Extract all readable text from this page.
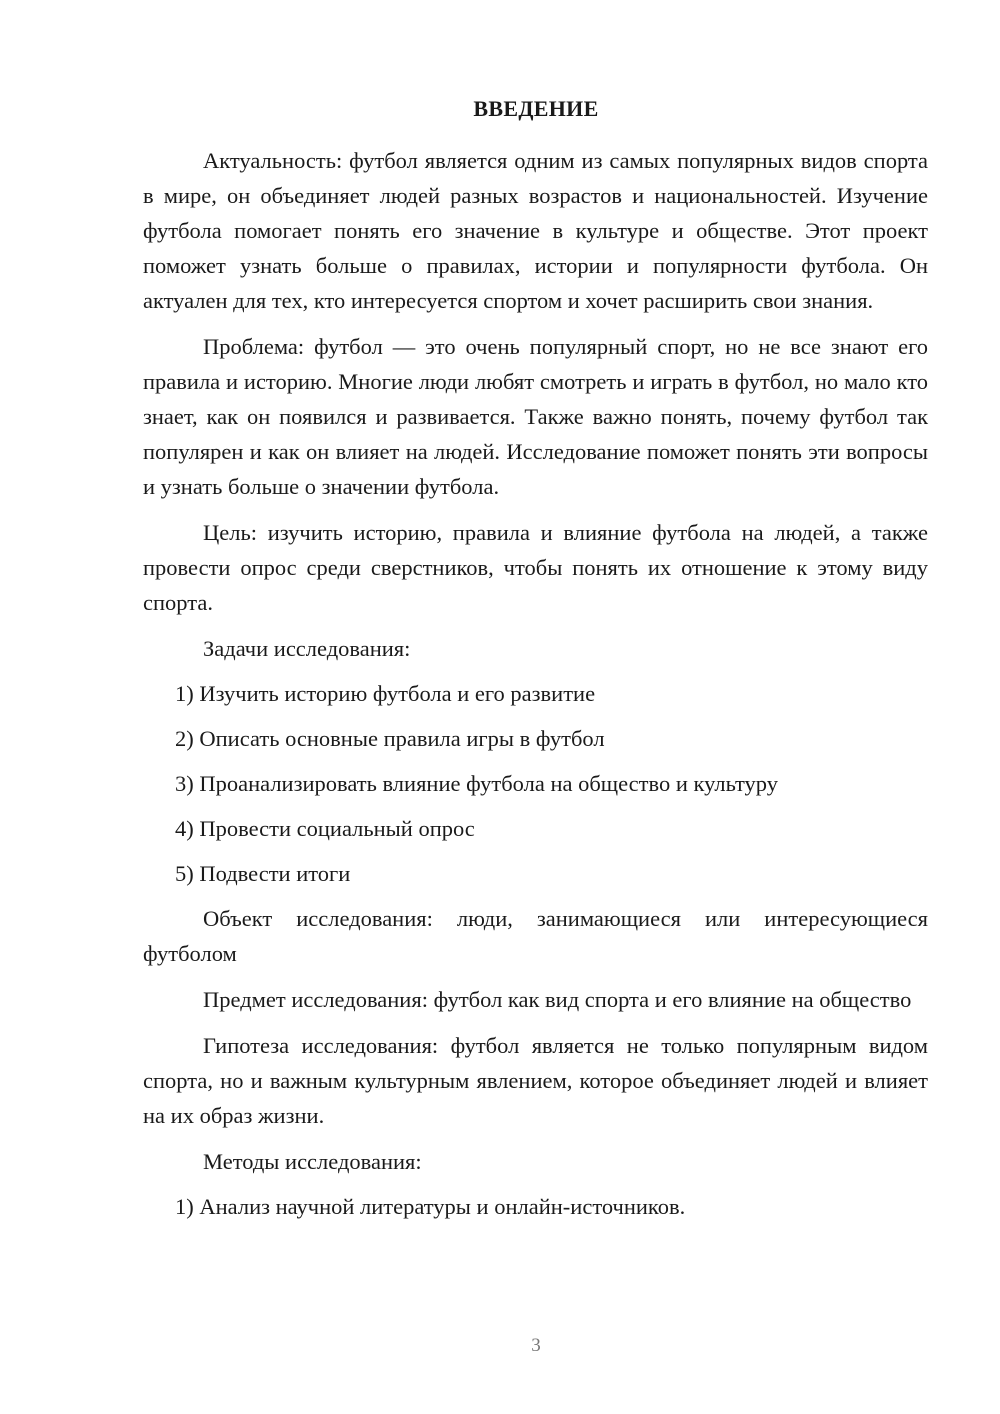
ВВЕДЕНИЕ

Актуальность: футбол является одним из самых популярных видов спорта в мире, он объединяет людей разных возрастов и национальностей. Изучение футбола помогает понять его значение в культуре и обществе. Этот проект поможет узнать больше о правилах, истории и популярности футбола. Он актуален для тех, кто интересуется спортом и хочет расширить свои знания.

Проблема: футбол — это очень популярный спорт, но не все знают его правила и историю. Многие люди любят смотреть и играть в футбол, но мало кто знает, как он появился и развивается. Также важно понять, почему футбол так популярен и как он влияет на людей. Исследование поможет понять эти вопросы и узнать больше о значении футбола.

Цель: изучить историю, правила и влияние футбола на людей, а также провести опрос среди сверстников, чтобы понять их отношение к этому виду спорта.

Задачи исследования:

1) Изучить историю футбола и его развитие

2) Описать основные правила игры в футбол

3) Проанализировать влияние футбола на общество и культуру

4) Провести социальный опрос

5) Подвести итоги

Объект исследования: люди, занимающиеся или интересующиеся футболом

Предмет исследования: футбол как вид спорта и его влияние на общество

Гипотеза исследования: футбол является не только популярным видом спорта, но и важным культурным явлением, которое объединяет людей и влияет на их образ жизни.

Методы исследования:

1) Анализ научной литературы и онлайн-источников.

3
